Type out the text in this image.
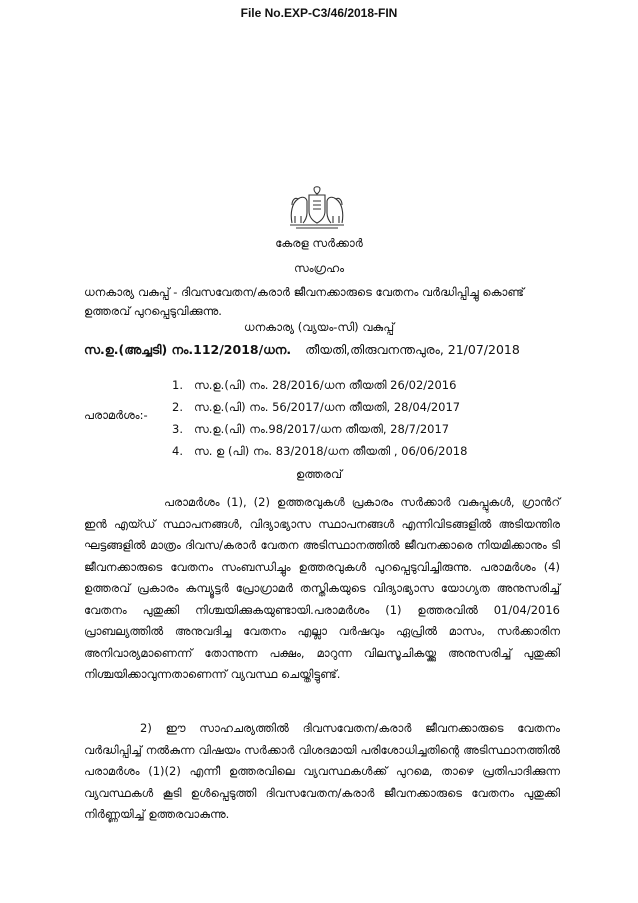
File No.EXP-C3/46/2018-FIN
കേരള സർക്കാർ
സംഗ്രഹം
ധനകാര്യ വകുപ്പ് - ദിവസവേതന/കരാർ ജീവനക്കാരുടെ വേതനം വർദ്ധിപ്പിച്ചു കൊണ്ട് ഉത്തരവ് പുറപ്പെടുവിക്കുന്നു.
ധനകാര്യ (വ്യയം-സി) വകുപ്പ്
സ.ഉ.(അച്ചടി) നം.112/2018/ധന. തീയതി,തിരുവനന്തപുരം, 21/07/2018
പരാമർശം:-
1. സ.ഉ.(പി) നം. 28/2016/ധന തീയതി 26/02/2016
2. സ.ഉ.(പി) നം. 56/2017/ധന തീയതി, 28/04/2017
3. സ.ഉ.(പി) നം.98/2017/ധന തീയതി, 28/7/2017
4. സ. ഉ (പി) നം. 83/2018/ധന തീയതി , 06/06/2018
ഉത്തരവ്

പരാമർശം (1), (2) ഉത്തരവുകൾ പ്രകാരം സർക്കാർ വകുപ്പുകൾ, ഗ്രാൻറ് ഇൻ എയ്ഡ് സ്ഥാപനങ്ങൾ, വിദ്യാഭ്യാസ സ്ഥാപനങ്ങൾ എന്നിവിടങ്ങളിൽ അടിയന്തിര ഘട്ടങ്ങളിൽ മാത്രം ദിവസ/കരാർ വേതന അടിസ്ഥാനത്തിൽ ജീവനക്കാരെ നിയമിക്കാനും ടി ജീവനക്കാരുടെ വേതനം സംബന്ധിച്ചും ഉത്തരവുകൾ പുറപ്പെടുവിച്ചിരുന്നു. പരാമർശം (4) ഉത്തരവ് പ്രകാരം കമ്പ്യൂട്ടർ പ്രോഗ്രാമർ തസ്തികയുടെ വിദ്യാഭ്യാസ യോഗ്യത അനുസരിച്ച് വേതനം പുതുക്കി നിശ്ചയിക്കുകയുണ്ടായി.പരാമർശം (1) ഉത്തരവിൽ 01/04/2016 പ്രാബല്യത്തിൽ അനുവദിച്ച വേതനം എല്ലാ വർഷവും ഏപ്രിൽ മാസം, സർക്കാരിന അനിവാര്യമാണെന്ന് തോന്നുന്ന പക്ഷം, മാറുന്ന വിലസൂചികയ്ക്കു അനുസരിച്ച് പുതുക്കി നിശ്ചയിക്കാവുന്നതാണെന്ന് വ്യവസ്ഥ ചെയ്തിട്ടുണ്ട്.

2) ഈ സാഹചര്യത്തിൽ ദിവസവേതന/കരാർ ജീവനക്കാരുടെ വേതനം വർദ്ധിപ്പിച്ച് നൽകുന്ന വിഷയം സർക്കാർ വിശദമായി പരിശോധിച്ചതിന്റെ അടിസ്ഥാനത്തിൽ പരാമർശം (1)(2) എന്നീ ഉത്തരവിലെ വ്യവസ്ഥകൾക്ക് പുറമെ, താഴെ പ്രതിപാദിക്കുന്ന വ്യവസ്ഥകൾ കൂടി ഉൾപ്പെടുത്തി ദിവസവേതന/കരാർ ജീവനക്കാരുടെ വേതനം പുതുക്കി നിർണ്ണയിച്ച് ഉത്തരവാകുന്നു.
